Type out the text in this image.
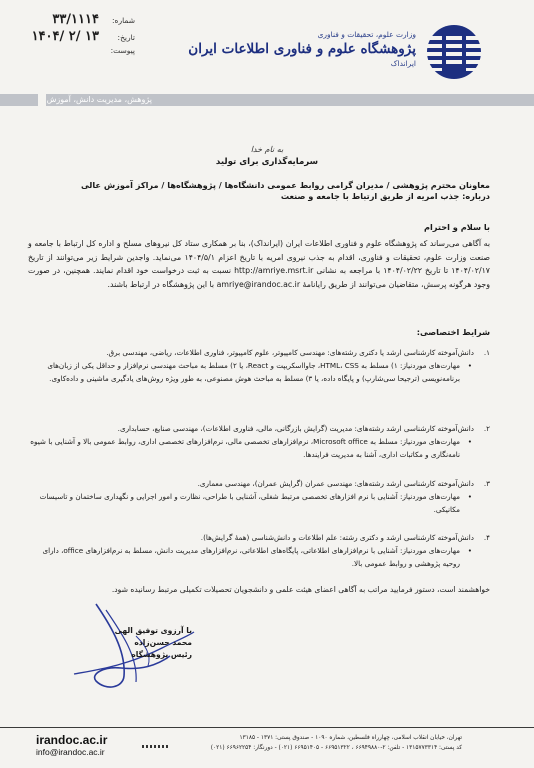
وزارت علوم، تحقیقات و فناوری
پژوهشگاه علوم و فناوری اطلاعات ایران
ایرانداک
شماره:
۳۳/۱۱۱۴
تاریخ:
۱۴۰۴/ ۲/ ۱۳
پیوست:
پژوهش، مدیریت دانش، آموزش
به نام خدا
سرمایه‌گذاری برای تولید
معاونان محترم پژوهشی / مدیران گرامی روابط عمومی دانشگاه‌ها / پژوهشگاه‌ها / مراکز آموزش عالی
درباره: جذب امریه از طریق ارتباط با جامعه و صنعت
با سلام و احترام
به آگاهی می‌رساند که پژوهشگاه علوم و فناوری اطلاعات ایران (ایرانداک)، بنا بر همکاری ستاد کل نیروهای مسلح و اداره کل ارتباط با جامعه و صنعت وزارت علوم، تحقیقات و فناوری، اقدام به جذب نیروی امریه با تاریخ اعزام ۱۴۰۴/۵/۱ می‌نماید. واجدین شرایط زیر می‌توانند از تاریخ ۱۴۰۴/۰۲/۱۷ تا تاریخ ۱۴۰۴/۰۲/۲۲ با مراجعه به نشانی http://amriye.msrt.ir نسبت به ثبت درخواست خود اقدام نمایند. همچنین، در صورت وجود هرگونه پرسش، متقاضیان می‌توانند از طریق رایانامهٔ amriye@irandoc.ac.ir با این پژوهشگاه در ارتباط باشند.
شرایط اختصاصی:
۱.
دانش‌آموخته کارشناسی ارشد یا دکتری رشته‌های: مهندسی کامپیوتر، علوم کامپیوتر، فناوری اطلاعات، ریاضی، مهندسی برق.
•
مهارت‌های موردنیاز: ۱) مسلط به HTML، CSS، جاوااسکریپت و React، یا ۲) مسلط به مباحث مهندسی نرم‌افزار و حداقل یکی از زبان‌های برنامه‌نویسی (ترجیحا سی‌شارپ) و پایگاه داده، یا ۳) مسلط به مباحث هوش مصنوعی، به طور ویژه روش‌های یادگیری ماشینی و داده‌کاوی.
۲.
دانش‌آموخته کارشناسی ارشد رشته‌های: مدیریت (گرایش بازرگانی، مالی، فناوری اطلاعات)، مهندسی صنایع، حسابداری.
•
مهارت‌های موردنیاز: مسلط به Microsoft office، نرم‌افزارهای تخصصی مالی، نرم‌افزارهای تخصصی اداری، روابط عمومی بالا و آشنایی با شیوه نامه‌نگاری و مکاتبات اداری، آشنا به مدیریت فرایندها.
۳.
دانش‌آموخته کارشناسی ارشد رشته‌های: مهندسی عمران (گرایش عمران)، مهندسی معماری.
•
مهارت‌های موردنیاز: آشنایی با نرم افزارهای تخصصی مرتبط شغلی، آشنایی با طراحی، نظارت و امور اجرایی و نگهداری ساختمان و تاسیسات مکانیکی.
۴.
دانش‌آموخته کارشناسی ارشد و دکتری رشته: علم اطلاعات و دانش‌شناسی (همهٔ گرایش‌ها).
•
مهارت‌های موردنیاز: آشنایی با نرم‌افزارهای اطلاعاتی، پایگاه‌های اطلاعاتی، نرم‌افزارهای مدیریت دانش، مسلط به نرم‌افزارهای office، دارای روحیه پژوهشی و روابط عمومی بالا.
خواهشمند است، دستور فرمایید مراتب به آگاهی اعضای هیئت علمی و دانشجویان تحصیلات تکمیلی مرتبط رسانیده شود.
با آرزوی توفیق الهی
محمد حسن‌زاده
رئیس پژوهشگاه
irandoc.ac.ir
info@irandoc.ac.ir
تهران، خیابان انقلاب اسلامی، چهارراه فلسطین، شماره ۱۰۹۰ - صندوق پستی: ۱۳۷۱ - ۱۳۱۸۵
کد پستی: ۱۳۱۵۷۷۳۳۱۴ - تلفن: ۲-۶۶۹۴۹۸۸۰ ، ۶۶۹۵۱۳۲۲ - ۶۶۹۵۱۴۰۵ (۰۲۱) - دورنگار: ۶۶۹۶۲۲۵۴ (۰۲۱)
